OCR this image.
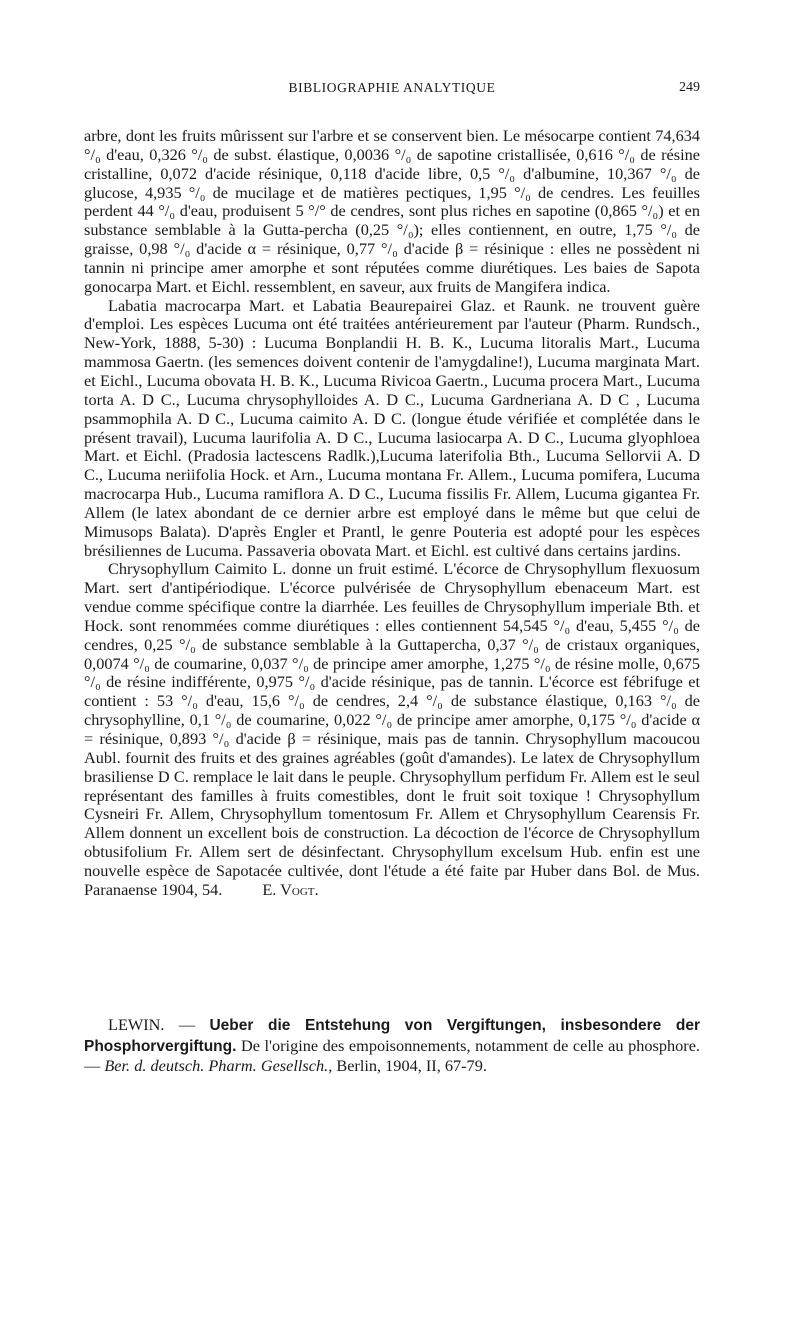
BIBLIOGRAPHIE ANALYTIQUE	249

arbre, dont les fruits mûrissent sur l'arbre et se conservent bien. Le mésocarpe contient 74,634 °/₀ d'eau, 0,326 °/₀ de subst. élastique, 0,0036 °/₀ de sapotine cristallisée, 0,616 °/₀ de résine cristalline, 0,072 d'acide résinique, 0,118 d'acide libre, 0,5 °/₀ d'albumine, 10,367 °/₀ de glucose, 4,935 °/₀ de mucilage et de matières pectiques, 1,95 °/₀ de cendres. Les feuilles perdent 44 °/₀ d'eau, produisent 5 °/° de cendres, sont plus riches en sapotine (0,865 °/₀) et en substance semblable à la Gutta-percha (0,25 °/₀); elles contiennent, en outre, 1,75 °/₀ de graisse, 0,98 °/₀ d'acide α = résinique, 0,77 °/₀ d'acide β = résinique : elles ne possèdent ni tannin ni principe amer amorphe et sont réputées comme diurétiques. Les baies de Sapota gonocarpa Mart. et Eichl. ressemblent, en saveur, aux fruits de Mangifera indica.

Labatia macrocarpa Mart. et Labatia Beaurepairei Glaz. et Raunk. ne trouvent guère d'emploi. Les espèces Lucuma ont été traitées antérieurement par l'auteur (Pharm. Rundsch., New-York, 1888, 5-30) : Lucuma Bonplandii H. B. K., Lucuma litoralis Mart., Lucuma mammosa Gaertn. (les semences doivent contenir de l'amygdaline!), Lucuma marginata Mart. et Eichl., Lucuma obovata H. B. K., Lucuma Rivicoa Gaertn., Lucuma procera Mart., Lucuma torta A. D C., Lucuma chrysophylloides A. D C., Lucuma Gardneriana A. D C , Lucuma psammophila A. D C., Lucuma caimito A. D C. (longue étude vérifiée et complétée dans le présent travail), Lucuma laurifolia A. D C., Lucuma lasiocarpa A. D C., Lucuma glyophloea Mart. et Eichl. (Pradosia lactescens Radlk.),Lucuma laterifolia Bth., Lucuma Sellorvii A. D C., Lucuma neriifolia Hock. et Arn., Lucuma montana Fr. Allem., Lucuma pomifera, Lucuma macrocarpa Hub., Lucuma ramiflora A. D C., Lucuma fissilis Fr. Allem, Lucuma gigantea Fr. Allem (le latex abondant de ce dernier arbre est employé dans le même but que celui de Mimusops Balata). D'après Engler et Prantl, le genre Pouteria est adopté pour les espèces brésiliennes de Lucuma. Passaveria obovata Mart. et Eichl. est cultivé dans certains jardins.

Chrysophyllum Caimito L. donne un fruit estimé. L'écorce de Chrysophyllum flexuosum Mart. sert d'antipériodique. L'écorce pulvérisée de Chrysophyllum ebenaceum Mart. est vendue comme spécifique contre la diarrhée. Les feuilles de Chrysophyllum imperiale Bth. et Hock. sont renommées comme diurétiques : elles contiennent 54,545 °/₀ d'eau, 5,455 °/₀ de cendres, 0,25 °/₀ de substance semblable à la Guttapercha, 0,37 °/₀ de cristaux organiques, 0,0074 °/₀ de coumarine, 0,037 °/₀ de principe amer amorphe, 1,275 °/₀ de résine molle, 0,675 °/₀ de résine indifférente, 0,975 °/₀ d'acide résinique, pas de tannin. L'écorce est fébrifuge et contient : 53 °/₀ d'eau, 15,6 °/₀ de cendres, 2,4 °/₀ de substance élastique, 0,163 °/₀ de chrysophylline, 0,1 °/₀ de coumarine, 0,022 °/₀ de principe amer amorphe, 0,175 °/₀ d'acide α = résinique, 0,893 °/₀ d'acide β = résinique, mais pas de tannin. Chrysophyllum macoucou Aubl. fournit des fruits et des graines agréables (goût d'amandes). Le latex de Chrysophyllum brasiliense D C. remplace le lait dans le peuple. Chrysophyllum perfidum Fr. Allem est le seul représentant des familles à fruits comestibles, dont le fruit soit toxique ! Chrysophyllum Cysneiri Fr. Allem, Chrysophyllum tomentosum Fr. Allem et Chrysophyllum Cearensis Fr. Allem donnent un excellent bois de construction. La décoction de l'écorce de Chrysophyllum obtusifolium Fr. Allem sert de désinfectant. Chrysophyllum excelsum Hub. enfin est une nouvelle espèce de Sapotacée cultivée, dont l'étude a été faite par Huber dans Bol. de Mus. Paranaense 1904, 54. E. Vogt.

LEWIN. — Ueber die Entstehung von Vergiftungen, insbesondere der Phosphorvergiftung. De l'origine des empoisonnements, notamment de celle au phosphore. — Ber. d. deutsch. Pharm. Gesellsch., Berlin, 1904, II, 67-79.
